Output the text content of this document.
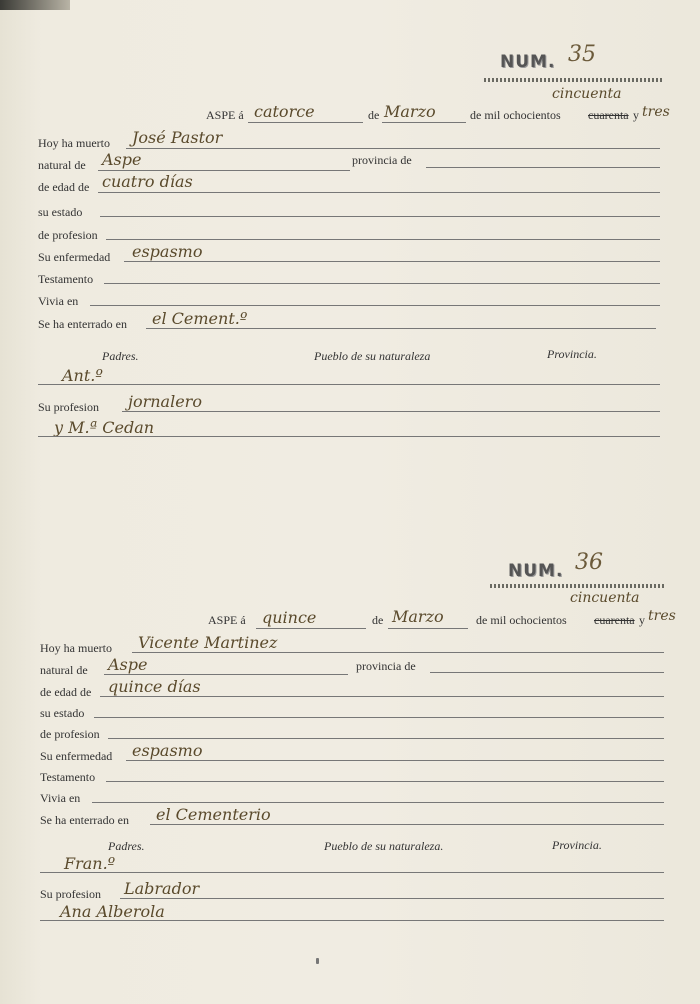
NUM. 35
cincuenta
ASPE á catorce	de Marzo	de mil ochocientos cuarenta y tres
Hoy ha muerto José Pastor
natural de Aspe	provincia de
de edad de cuatro días
su estado
de profesion
Su enfermedad espasmo
Testamento
Vivia en
Se ha enterrado en el Cement.º
Padres.	Pueblo de su naturaleza	Provincia.
Ant.º
Su profesion jornalero
y M.ª Cedan
NUM. 36
cincuenta
ASPE á quince	de Marzo	de mil ochocientos cuarenta y tres
Hoy ha muerto Vicente Martinez
natural de Aspe	provincia de
de edad de quince días
su estado
de profesion
Su enfermedad espasmo
Testamento
Vivia en
Se ha enterrado en el Cementerio
Padres.	Pueblo de su naturaleza.	Provincia.
Fran.º
Su profesion Labrador
Ana Alberola
